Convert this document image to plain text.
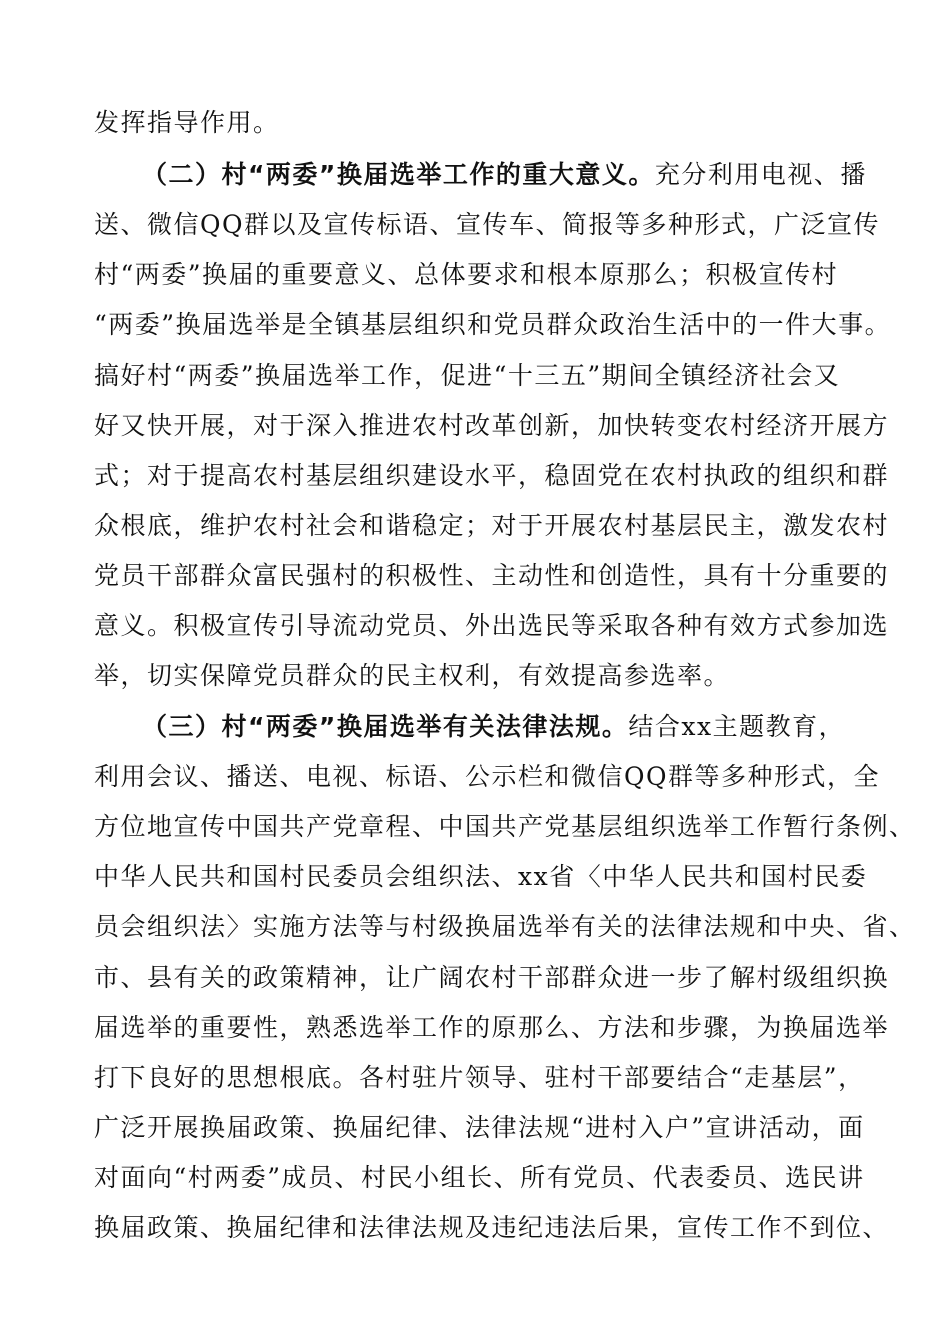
发挥指导作用。
（二）村“两委”换届选举工作的重大意义。充分利用电视、播
送、微信QQ群以及宣传标语、宣传车、简报等多种形式，广泛宣传
村“两委”换届的重要意义、总体要求和根本原那么；积极宣传村
“两委”换届选举是全镇基层组织和党员群众政治生活中的一件大事。
搞好村“两委”换届选举工作，促进“十三五”期间全镇经济社会又
好又快开展，对于深入推进农村改革创新，加快转变农村经济开展方
式；对于提高农村基层组织建设水平，稳固党在农村执政的组织和群
众根底，维护农村社会和谐稳定；对于开展农村基层民主，激发农村
党员干部群众富民强村的积极性、主动性和创造性，具有十分重要的
意义。积极宣传引导流动党员、外出选民等采取各种有效方式参加选
举，切实保障党员群众的民主权利，有效提高参选率。
（三）村“两委”换届选举有关法律法规。结合xx主题教育，
利用会议、播送、电视、标语、公示栏和微信QQ群等多种形式，全
方位地宣传中国共产党章程、中国共产党基层组织选举工作暂行条例、
中华人民共和国村民委员会组织法、xx省〈中华人民共和国村民委
员会组织法〉实施方法等与村级换届选举有关的法律法规和中央、省、
市、县有关的政策精神，让广阔农村干部群众进一步了解村级组织换
届选举的重要性，熟悉选举工作的原那么、方法和步骤，为换届选举
打下良好的思想根底。各村驻片领导、驻村干部要结合“走基层”，
广泛开展换届政策、换届纪律、法律法规“进村入户”宣讲活动，面
对面向“村两委”成员、村民小组长、所有党员、代表委员、选民讲
换届政策、换届纪律和法律法规及违纪违法后果，宣传工作不到位、
